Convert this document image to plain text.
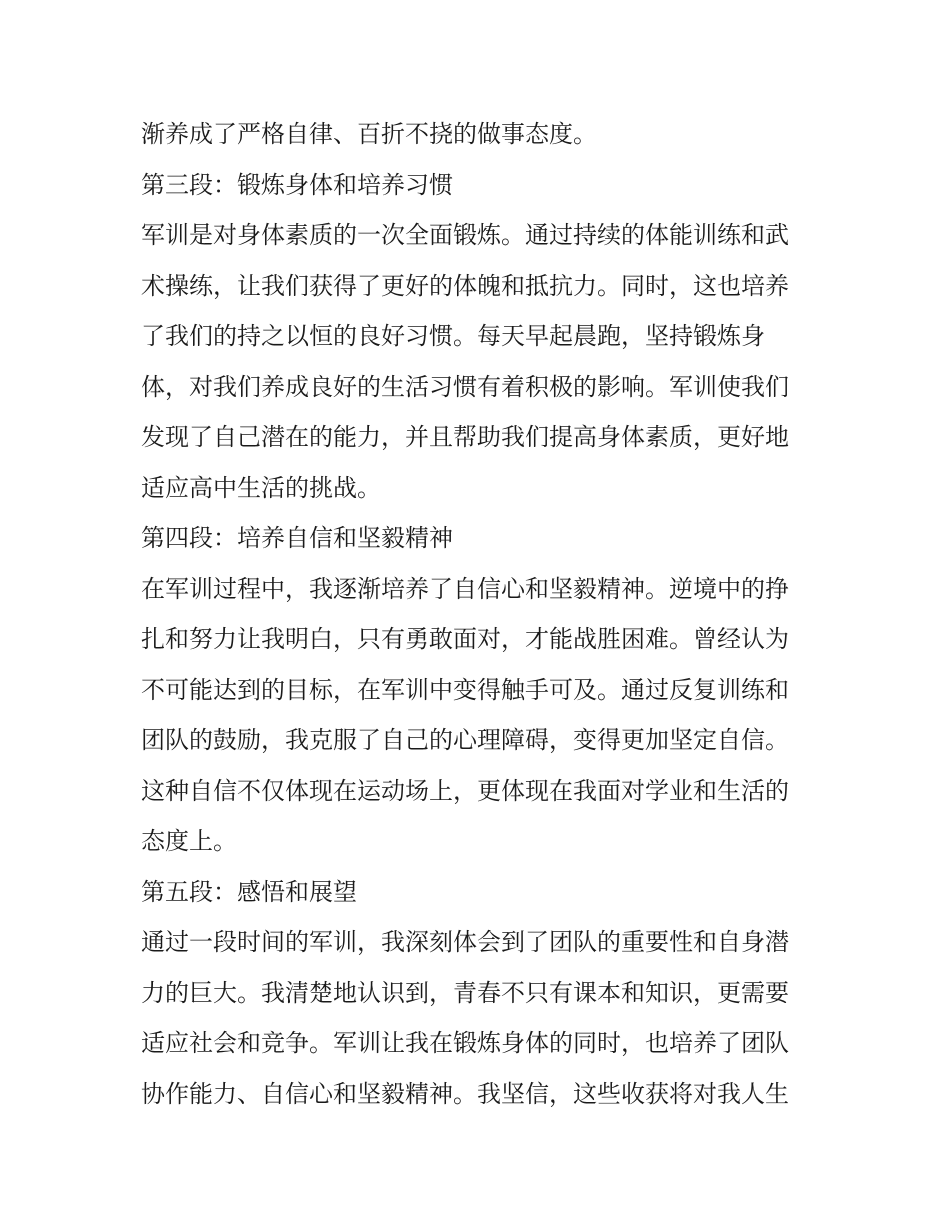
渐养成了严格自律、百折不挠的做事态度。
第三段：锻炼身体和培养习惯
军训是对身体素质的一次全面锻炼。通过持续的体能训练和武
术操练，让我们获得了更好的体魄和抵抗力。同时，这也培养
了我们的持之以恒的良好习惯。每天早起晨跑，坚持锻炼身
体，对我们养成良好的生活习惯有着积极的影响。军训使我们
发现了自己潜在的能力，并且帮助我们提高身体素质，更好地
适应高中生活的挑战。
第四段：培养自信和坚毅精神
在军训过程中，我逐渐培养了自信心和坚毅精神。逆境中的挣
扎和努力让我明白，只有勇敢面对，才能战胜困难。曾经认为
不可能达到的目标，在军训中变得触手可及。通过反复训练和
团队的鼓励，我克服了自己的心理障碍，变得更加坚定自信。
这种自信不仅体现在运动场上，更体现在我面对学业和生活的
态度上。
第五段：感悟和展望
通过一段时间的军训，我深刻体会到了团队的重要性和自身潜
力的巨大。我清楚地认识到，青春不只有课本和知识，更需要
适应社会和竞争。军训让我在锻炼身体的同时，也培养了团队
协作能力、自信心和坚毅精神。我坚信，这些收获将对我人生
